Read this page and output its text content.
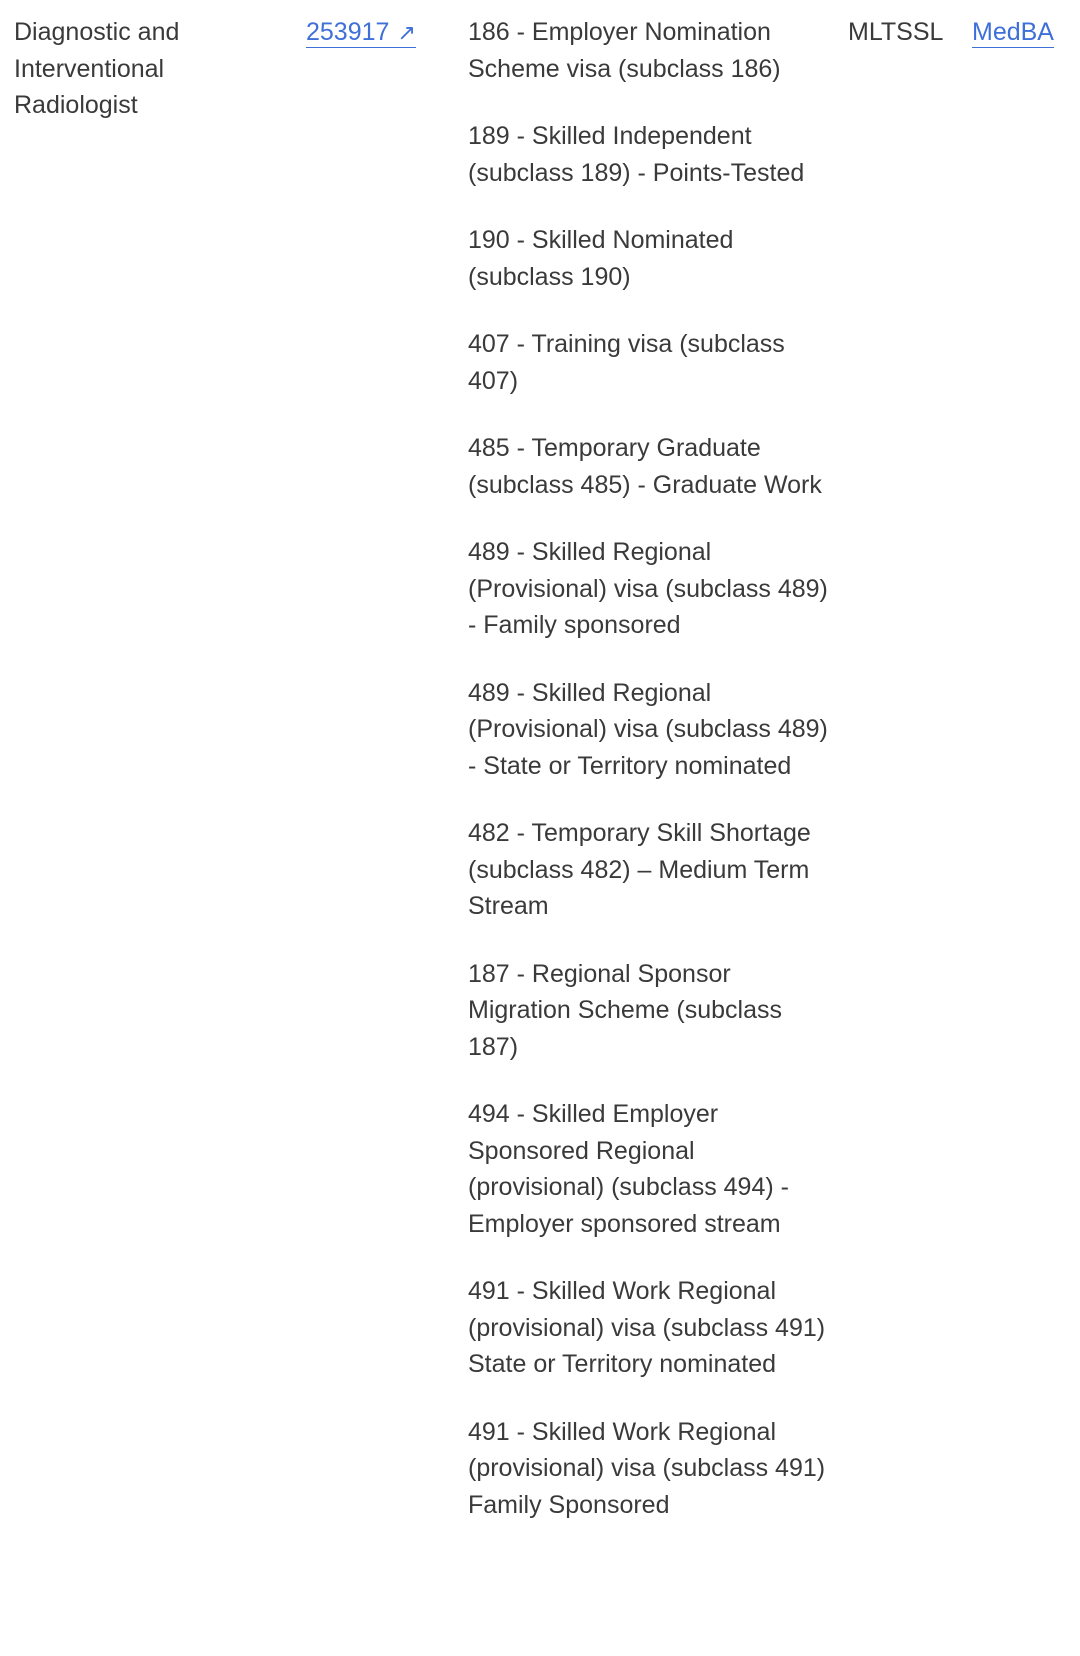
Diagnostic and Interventional Radiologist
253917 ↗	186 - Employer Nomination Scheme visa (subclass 186)
189 - Skilled Independent (subclass 189) - Points-Tested
190 - Skilled Nominated (subclass 190)
407 - Training visa (subclass 407)
485 - Temporary Graduate (subclass 485) - Graduate Work
489 - Skilled Regional (Provisional) visa (subclass 489) - Family sponsored
489 - Skilled Regional (Provisional) visa (subclass 489) - State or Territory nominated
482 - Temporary Skill Shortage (subclass 482) – Medium Term Stream
187 - Regional Sponsor Migration Scheme (subclass 187)
494 - Skilled Employer Sponsored Regional (provisional) (subclass 494) - Employer sponsored stream
491 - Skilled Work Regional (provisional) visa (subclass 491) State or Territory nominated
491 - Skilled Work Regional (provisional) visa (subclass 491) Family Sponsored
MLTSSL	MedBA
